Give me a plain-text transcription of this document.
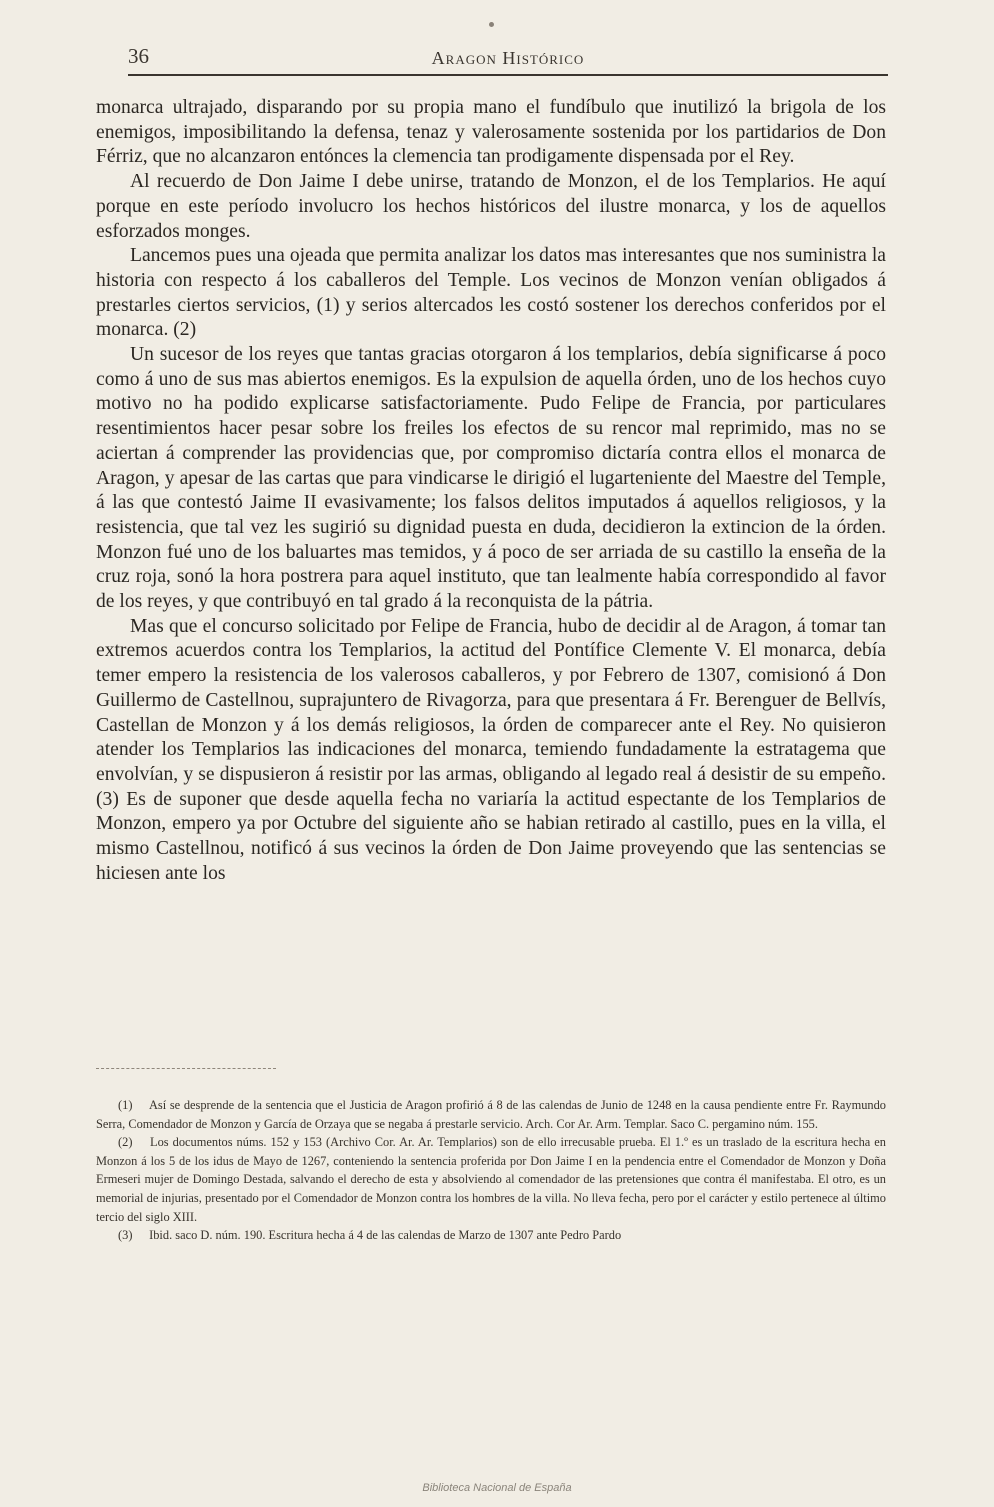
36	Aragon Histórico

monarca ultrajado, disparando por su propia mano el fundíbulo que inutilizó la brigola de los enemigos, imposibilitando la defensa, tenaz y valerosamente sostenida por los partidarios de Don Férriz, que no alcanzaron entónces la clemencia tan prodigamente dispensada por el Rey.

Al recuerdo de Don Jaime I debe unirse, tratando de Monzon, el de los Templarios. He aquí porque en este período involucro los hechos históricos del ilustre monarca, y los de aquellos esforzados monges.

Lancemos pues una ojeada que permita analizar los datos mas interesantes que nos suministra la historia con respecto á los caballeros del Temple. Los vecinos de Monzon venían obligados á prestarles ciertos servicios, (1) y serios altercados les costó sostener los derechos conferidos por el monarca. (2)

Un sucesor de los reyes que tantas gracias otorgaron á los templarios, debía significarse á poco como á uno de sus mas abiertos enemigos. Es la expulsion de aquella órden, uno de los hechos cuyo motivo no ha podido explicarse satisfactoriamente. Pudo Felipe de Francia, por particulares resentimientos hacer pesar sobre los freiles los efectos de su rencor mal reprimido, mas no se aciertan á comprender las providencias que, por compromiso dictaría contra ellos el monarca de Aragon, y apesar de las cartas que para vindicarse le dirigió el lugarteniente del Maestre del Temple, á las que contestó Jaime II evasivamente; los falsos delitos imputados á aquellos religiosos, y la resistencia, que tal vez les sugirió su dignidad puesta en duda, decidieron la extincion de la órden. Monzon fué uno de los baluartes mas temidos, y á poco de ser arriada de su castillo la enseña de la cruz roja, sonó la hora postrera para aquel instituto, que tan lealmente había correspondido al favor de los reyes, y que contribuyó en tal grado á la reconquista de la pátria.

Mas que el concurso solicitado por Felipe de Francia, hubo de decidir al de Aragon, á tomar tan extremos acuerdos contra los Templarios, la actitud del Pontífice Clemente V. El monarca, debía temer empero la resistencia de los valerosos caballeros, y por Febrero de 1307, comisionó á Don Guillermo de Castellnou, suprajuntero de Rivagorza, para que presentara á Fr. Berenguer de Bellvís, Castellan de Monzon y á los demás religiosos, la órden de comparecer ante el Rey. No quisieron atender los Templarios las indicaciones del monarca, temiendo fundadamente la estratagema que envolvían, y se dispusieron á resistir por las armas, obligando al legado real á desistir de su empeño. (3) Es de suponer que desde aquella fecha no variaría la actitud espectante de los Templarios de Monzon, empero ya por Octubre del siguiente año se habian retirado al castillo, pues en la villa, el mismo Castellnou, notificó á sus vecinos la órden de Don Jaime proveyendo que las sentencias se hiciesen ante los

(1) Así se desprende de la sentencia que el Justicia de Aragon profirió á 8 de las calendas de Junio de 1248 en la causa pendiente entre Fr. Raymundo Serra, Comendador de Monzon y García de Orzaya que se negaba á prestarle servicio. Arch. Cor Ar. Arm. Templar. Saco C. pergamino núm. 155.

(2) Los documentos núms. 152 y 153 (Archivo Cor. Ar. Ar. Templarios) son de ello irrecusable prueba. El 1.º es un traslado de la escritura hecha en Monzon á los 5 de los idus de Mayo de 1267, conteniendo la sentencia proferida por Don Jaime I en la pendencia entre el Comendador de Monzon y Doña Ermeseri mujer de Domingo Destada, salvando el derecho de esta y absolviendo al comendador de las pretensiones que contra él manifestaba. El otro, es un memorial de injurias, presentado por el Comendador de Monzon contra los hombres de la villa. No lleva fecha, pero por el carácter y estilo pertenece al último tercio del siglo XIII.

(3) Ibid. saco D. núm. 190. Escritura hecha á 4 de las calendas de Marzo de 1307 ante Pedro Pardo

Biblioteca Nacional de España
